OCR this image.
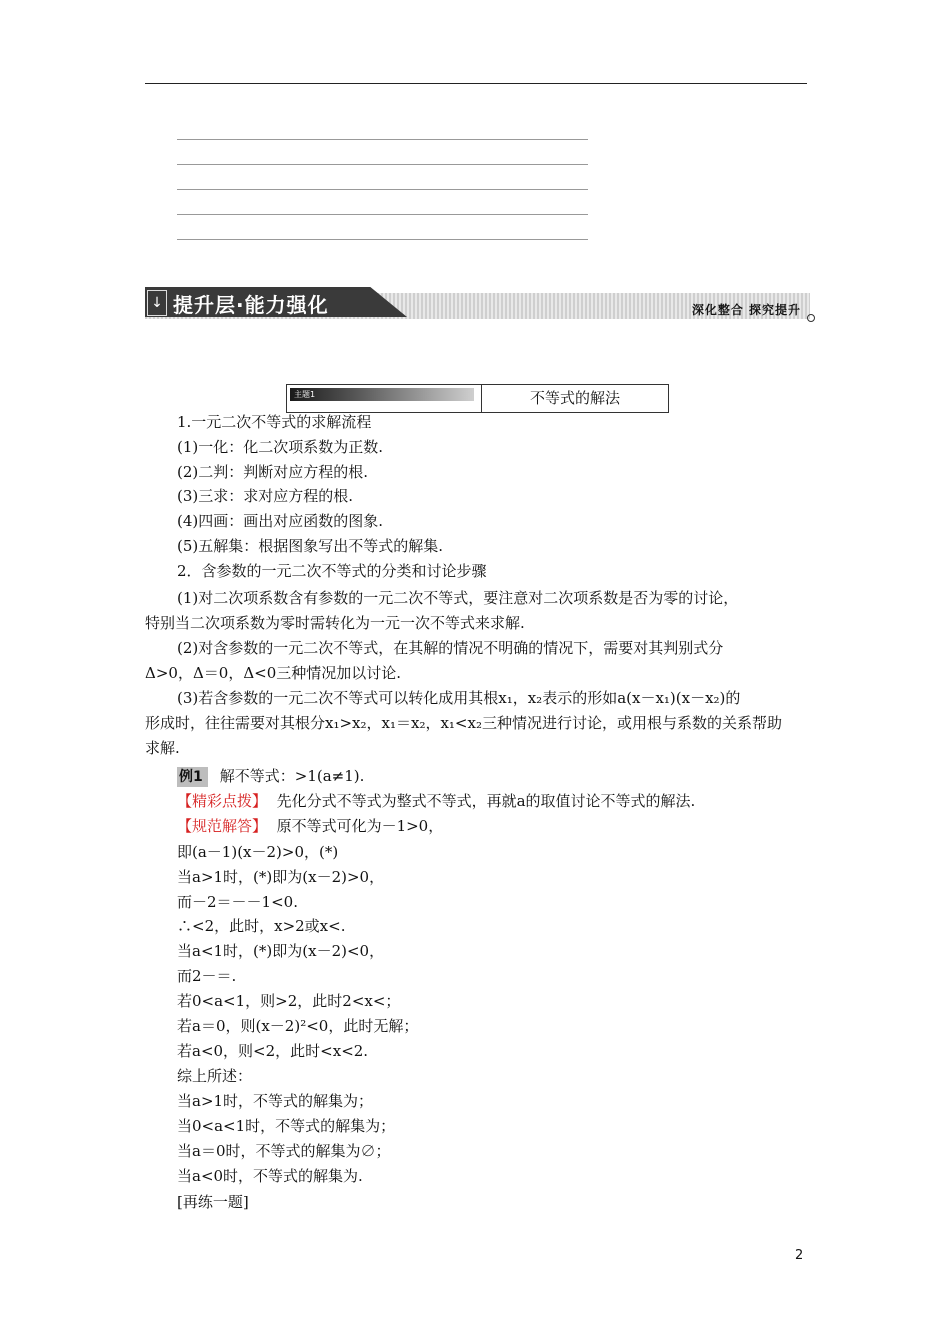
↓ 提升层·能力强化	深化整合 探究提升
主题1	不等式的解法
1.一元二次不等式的求解流程
(1)一化：化二次项系数为正数.
(2)二判：判断对应方程的根.
(3)三求：求对应方程的根.
(4)四画：画出对应函数的图象.
(5)五解集：根据图象写出不等式的解集.
2．含参数的一元二次不等式的分类和讨论步骤
(1)对二次项系数含有参数的一元二次不等式，要注意对二次项系数是否为零的讨论，
特别当二次项系数为零时需转化为一元一次不等式来求解.
(2)对含参数的一元二次不等式，在其解的情况不明确的情况下，需要对其判别式分
Δ>0，Δ＝0，Δ<0三种情况加以讨论.
(3)若含参数的一元二次不等式可以转化成用其根x₁，x₂表示的形如a(x－x₁)(x－x₂)的
形成时，往往需要对其根分x₁>x₂，x₁＝x₂，x₁<x₂三种情况进行讨论，或用根与系数的关系帮助
求解.
例1 解不等式：>1(a≠1).
【精彩点拨】 先化分式不等式为整式不等式，再就a的取值讨论不等式的解法.
【规范解答】 原不等式可化为－1>0，
即(a－1)(x－2)>0，(*)
当a>1时，(*)即为(x－2)>0，
而－2＝－－1<0.
∴<2，此时，x>2或x<.
当a<1时，(*)即为(x－2)<0，
而2－＝.
若0<a<1，则>2，此时2<x<；
若a＝0，则(x－2)²<0，此时无解；
若a<0，则<2，此时<x<2.
综上所述：
当a>1时，不等式的解集为；
当0<a<1时，不等式的解集为；
当a＝0时，不等式的解集为∅；
当a<0时，不等式的解集为.
[再练一题]
2
